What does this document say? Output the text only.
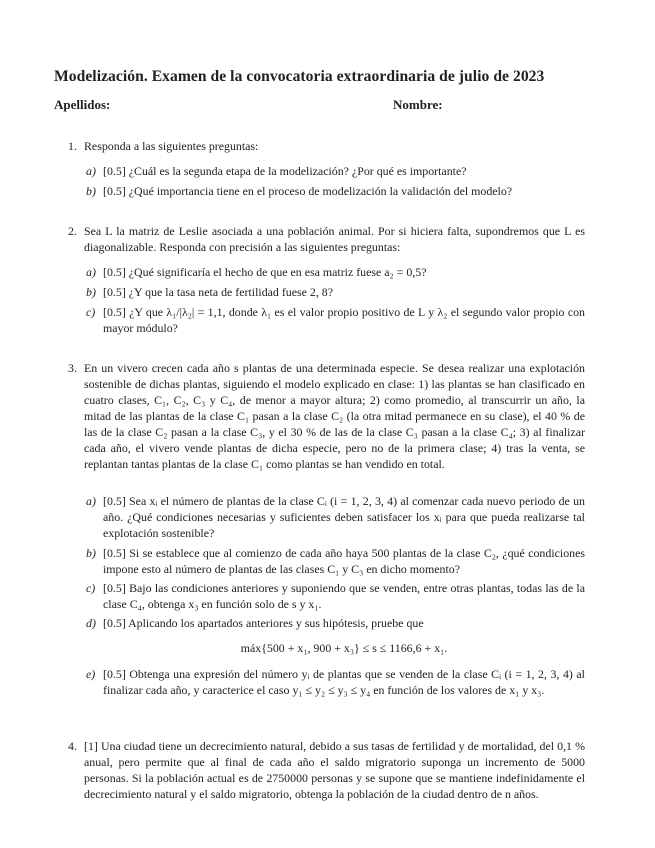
Modelización. Examen de la convocatoria extraordinaria de julio de 2023
Apellidos:	Nombre:
1. Responda a las siguientes preguntas:
a) [0.5] ¿Cuál es la segunda etapa de la modelización? ¿Por qué es importante?
b) [0.5] ¿Qué importancia tiene en el proceso de modelización la validación del modelo?
2. Sea L la matriz de Leslie asociada a una población animal. Por si hiciera falta, supondremos que L es diagonalizable. Responda con precisión a las siguientes preguntas:
a) [0.5] ¿Qué significaría el hecho de que en esa matriz fuese a₂ = 0,5?
b) [0.5] ¿Y que la tasa neta de fertilidad fuese 2, 8?
c) [0.5] ¿Y que λ₁/|λ₂| = 1,1, donde λ₁ es el valor propio positivo de L y λ₂ el segundo valor propio con mayor módulo?
3. En un vivero crecen cada año s plantas de una determinada especie. Se desea realizar una explotación sostenible de dichas plantas, siguiendo el modelo explicado en clase: 1) las plantas se han clasificado en cuatro clases, C₁, C₂, C₃ y C₄, de menor a mayor altura; 2) como promedio, al transcurrir un año, la mitad de las plantas de la clase C₁ pasan a la clase C₂ (la otra mitad permanece en su clase), el 40 % de las de la clase C₂ pasan a la clase C₃, y el 30 % de las de la clase C₃ pasan a la clase C₄; 3) al finalizar cada año, el vivero vende plantas de dicha especie, pero no de la primera clase; 4) tras la venta, se replantan tantas plantas de la clase C₁ como plantas se han vendido en total.
a) [0.5] Sea xᵢ el número de plantas de la clase Cᵢ (i = 1, 2, 3, 4) al comenzar cada nuevo periodo de un año. ¿Qué condiciones necesarias y suficientes deben satisfacer los xᵢ para que pueda realizarse tal explotación sostenible?
b) [0.5] Si se establece que al comienzo de cada año haya 500 plantas de la clase C₂, ¿qué condiciones impone esto al número de plantas de las clases C₁ y C₃ en dicho momento?
c) [0.5] Bajo las condiciones anteriores y suponiendo que se venden, entre otras plantas, todas las de la clase C₄, obtenga x₃ en función solo de s y x₁.
d) [0.5] Aplicando los apartados anteriores y sus hipótesis, pruebe que
máx{500 + x₁, 900 + x₃} ≤ s ≤ 1166,6 + x₁.
e) [0.5] Obtenga una expresión del número yᵢ de plantas que se venden de la clase Cᵢ (i = 1, 2, 3, 4) al finalizar cada año, y caracterice el caso y₁ ≤ y₂ ≤ y₃ ≤ y₄ en función de los valores de x₁ y x₃.
4. [1] Una ciudad tiene un decrecimiento natural, debido a sus tasas de fertilidad y de mortalidad, del 0,1 % anual, pero permite que al final de cada año el saldo migratorio suponga un incremento de 5000 personas. Si la población actual es de 2750000 personas y se supone que se mantiene indefinidamente el decrecimiento natural y el saldo migratorio, obtenga la población de la ciudad dentro de n años.
